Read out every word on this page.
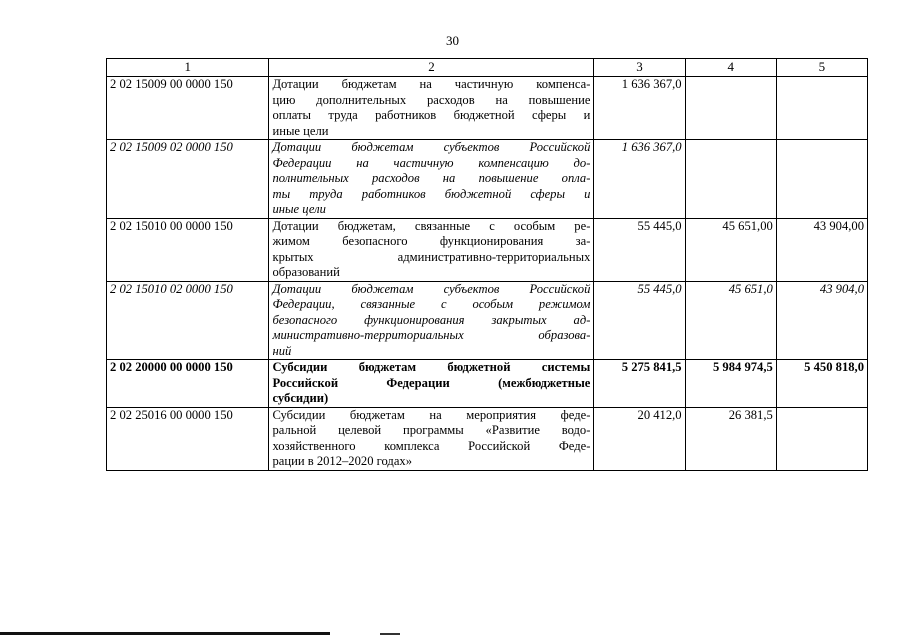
30
1	2	3	4	5
2 02 15009 00 0000 150	Дотации бюджетам на частичную компенса-
цию дополнительных расходов на повышение
оплаты труда работников бюджетной сферы и
иные цели	1 636 367,0		
2 02 15009 02 0000 150	Дотации бюджетам субъектов Российской
Федерации на частичную компенсацию до-
полнительных расходов на повышение опла-
ты труда работников бюджетной сферы и
иные цели	1 636 367,0		
2 02 15010 00 0000 150	Дотации бюджетам, связанные с особым ре-
жимом безопасного функционирования за-
крытых административно-территориальных
образований	55 445,0	45 651,00	43 904,00
2 02 15010 02 0000 150	Дотации бюджетам субъектов Российской
Федерации, связанные с особым режимом
безопасного функционирования закрытых ад-
министративно-территориальных образова-
ний	55 445,0	45 651,0	43 904,0
2 02 20000 00 0000 150	Субсидии бюджетам бюджетной системы
Российской Федерации (межбюджетные
субсидии)	5 275 841,5	5 984 974,5	5 450 818,0
2 02 25016 00 0000 150	Субсидии бюджетам на мероприятия феде-
ральной целевой программы «Развитие водо-
хозяйственного комплекса Российской Феде-
рации в 2012–2020 годах»	20 412,0	26 381,5	
